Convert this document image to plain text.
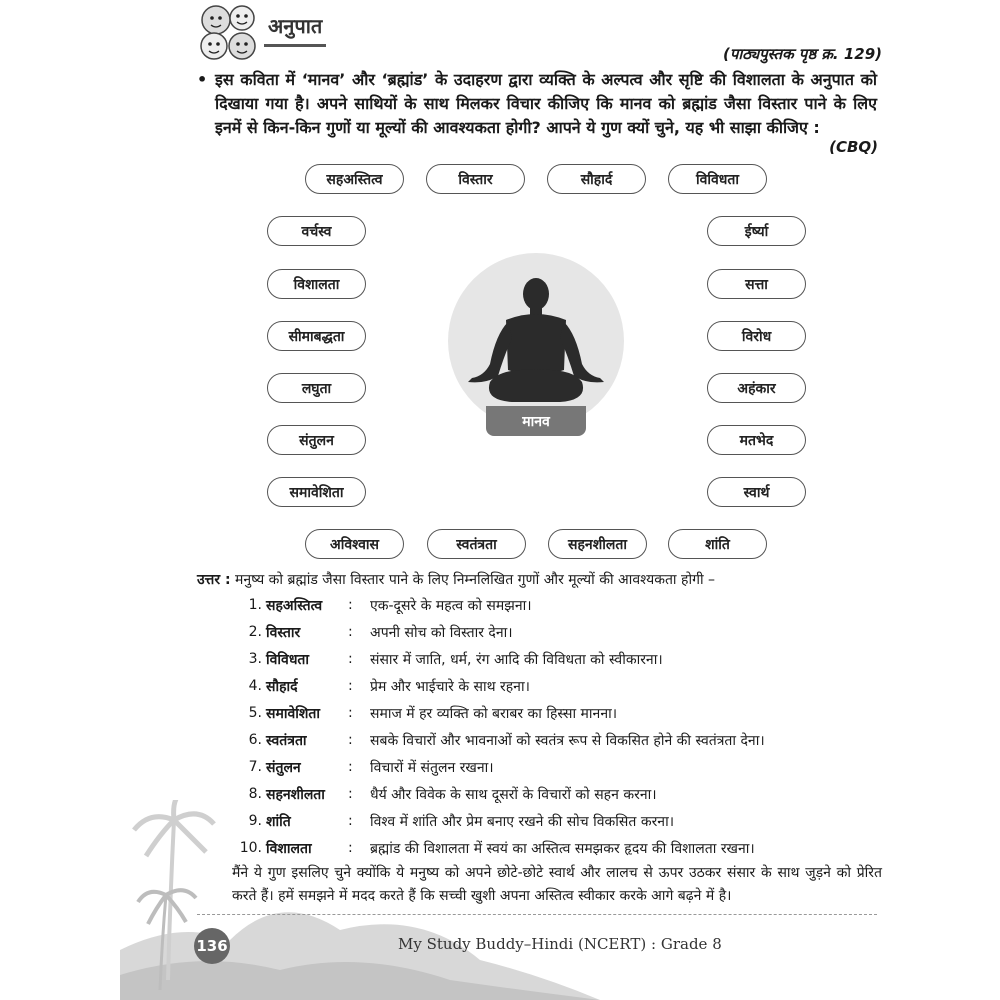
अनुपात
(पाठ्यपुस्तक पृष्ठ क्र. 129)
• इस कविता में ‘मानव’ और ‘ब्रह्मांड’ के उदाहरण द्वारा व्यक्ति के अल्पत्व और सृष्टि की विशालता के अनुपात को दिखाया गया है। अपने साथियों के साथ मिलकर विचार कीजिए कि मानव को ब्रह्मांड जैसा विस्तार पाने के लिए इनमें से किन-किन गुणों या मूल्यों की आवश्यकता होगी? आपने ये गुण क्यों चुने, यह भी साझा कीजिए :
(CBQ)
सहअस्तित्व	विस्तार	सौहार्द	विविधता
वर्चस्व
विशालता
सीमाबद्धता
लघुता
संतुलन
समावेशिता
ईर्ष्या
सत्ता
विरोध
अहंकार
मतभेद
स्वार्थ
अविश्वास	स्वतंत्रता	सहनशीलता	शांति
मानव
उत्तर : मनुष्य को ब्रह्मांड जैसा विस्तार पाने के लिए निम्नलिखित गुणों और मूल्यों की आवश्यकता होगी –
1. सहअस्तित्व	:	एक-दूसरे के महत्व को समझना।
2. विस्तार	:	अपनी सोच को विस्तार देना।
3. विविधता	:	संसार में जाति, धर्म, रंग आदि की विविधता को स्वीकारना।
4. सौहार्द	:	प्रेम और भाईचारे के साथ रहना।
5. समावेशिता	:	समाज में हर व्यक्ति को बराबर का हिस्सा मानना।
6. स्वतंत्रता	:	सबके विचारों और भावनाओं को स्वतंत्र रूप से विकसित होने की स्वतंत्रता देना।
7. संतुलन	:	विचारों में संतुलन रखना।
8. सहनशीलता	:	धैर्य और विवेक के साथ दूसरों के विचारों को सहन करना।
9. शांति	:	विश्व में शांति और प्रेम बनाए रखने की सोच विकसित करना।
10. विशालता	:	ब्रह्मांड की विशालता में स्वयं का अस्तित्व समझकर हृदय की विशालता रखना।
मैंने ये गुण इसलिए चुने क्योंकि ये मनुष्य को अपने छोटे-छोटे स्वार्थ और लालच से ऊपर उठकर संसार के साथ जुड़ने को प्रेरित करते हैं। हमें समझने में मदद करते हैं कि सच्ची खुशी अपना अस्तित्व स्वीकार करके आगे बढ़ने में है।
136	My Study Buddy–Hindi (NCERT) : Grade 8
